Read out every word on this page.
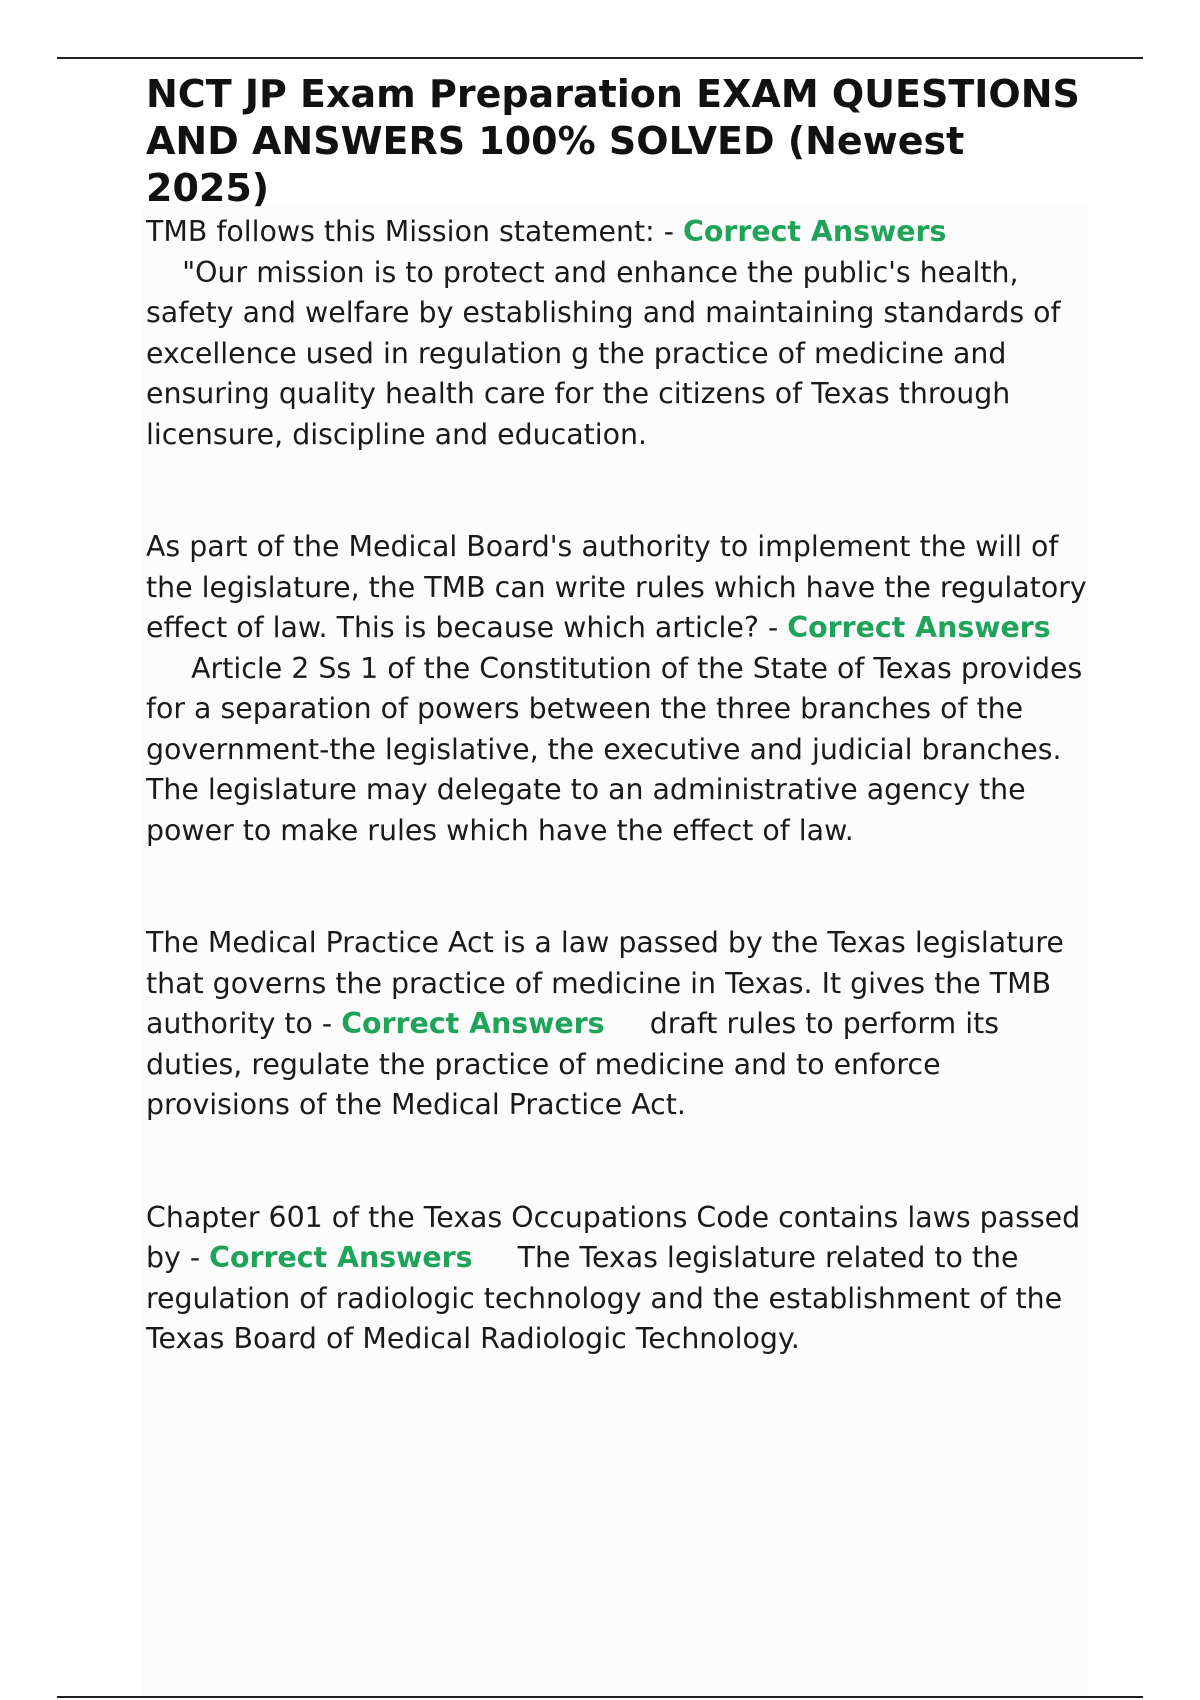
NCT JP Exam Preparation EXAM QUESTIONS AND ANSWERS 100% SOLVED (Newest 2025)

TMB follows this Mission statement: - Correct Answers
"Our mission is to protect and enhance the public's health, safety and welfare by establishing and maintaining standards of excellence used in regulation g the practice of medicine and ensuring quality health care for the citizens of Texas through licensure, discipline and education.

As part of the Medical Board's authority to implement the will of the legislature, the TMB can write rules which have the regulatory effect of law. This is because which article? - Correct Answers     Article 2 Ss 1 of the Constitution of the State of Texas provides for a separation of powers between the three branches of the government-the legislative, the executive and judicial branches. The legislature may delegate to an administrative agency the power to make rules which have the effect of law.

The Medical Practice Act is a law passed by the Texas legislature that governs the practice of medicine in Texas. It gives the TMB authority to - Correct Answers draft rules to perform its duties, regulate the practice of medicine and to enforce provisions of the Medical Practice Act.

Chapter 601 of the Texas Occupations Code contains laws passed by - Correct Answers The Texas legislature related to the regulation of radiologic technology and the establishment of the Texas Board of Medical Radiologic Technology.
